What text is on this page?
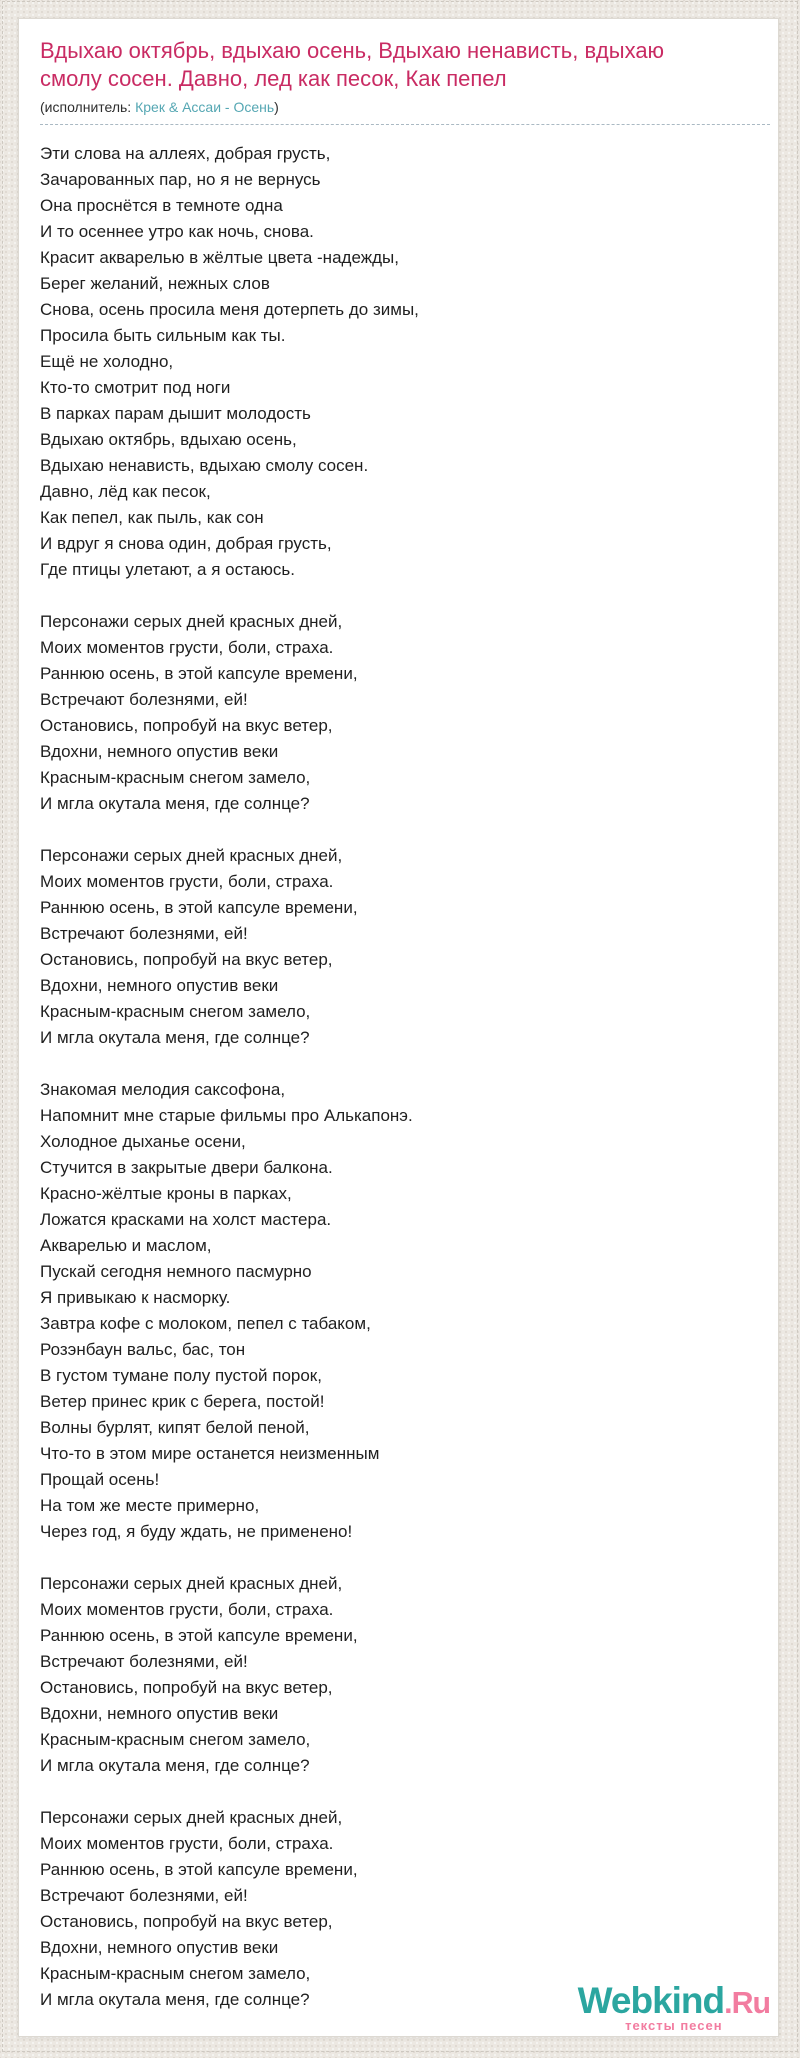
Вдыхаю октябрь, вдыхаю осень, Вдыхаю ненависть, вдыхаю
смолу сосен. Давно, лед как песок, Как пепел
(исполнитель: Крек & Ассаи - Осень)
Эти слова на аллеях, добрая грусть,
Зачарованных пар, но я не вернусь
Она проснётся в темноте одна
И то осеннее утро как ночь, снова.
Красит акварелью в жёлтые цвета -надежды,
Берег желаний, нежных слов
Снова, осень просила меня дотерпеть до зимы,
Просила быть сильным как ты.
Ещё не холодно,
Кто-то смотрит под ноги
В парках парам дышит молодость
Вдыхаю октябрь, вдыхаю осень,
Вдыхаю ненависть, вдыхаю смолу сосен.
Давно, лёд как песок,
Как пепел, как пыль, как сон
И вдруг я снова один, добрая грусть,
Где птицы улетают, а я остаюсь.
Персонажи серых дней красных дней,
Моих моментов грусти, боли, страха.
Раннюю осень, в этой капсуле времени,
Встречают болезнями, ей!
Остановись, попробуй на вкус ветер,
Вдохни, немного опустив веки
Красным-красным снегом замело,
И мгла окутала меня, где солнце?
Персонажи серых дней красных дней,
Моих моментов грусти, боли, страха.
Раннюю осень, в этой капсуле времени,
Встречают болезнями, ей!
Остановись, попробуй на вкус ветер,
Вдохни, немного опустив веки
Красным-красным снегом замело,
И мгла окутала меня, где солнце?
Знакомая мелодия саксофона,
Напомнит мне старые фильмы про Алькапонэ.
Холодное дыханье осени,
Стучится в закрытые двери балкона.
Красно-жёлтые кроны в парках,
Ложатся красками на холст мастера.
Акварелью и маслом,
Пускай сегодня немного пасмурно
Я привыкаю к насморку.
Завтра кофе с молоком, пепел с табаком,
Розэнбаун вальс, бас, тон
В густом тумане полу пустой порок,
Ветер принес крик с берега, постой!
Волны бурлят, кипят белой пеной,
Что-то в этом мире останется неизменным
Прощай осень!
На том же месте примерно,
Через год, я буду ждать, не применено!
Персонажи серых дней красных дней,
Моих моментов грусти, боли, страха.
Раннюю осень, в этой капсуле времени,
Встречают болезнями, ей!
Остановись, попробуй на вкус ветер,
Вдохни, немного опустив веки
Красным-красным снегом замело,
И мгла окутала меня, где солнце?
Персонажи серых дней красных дней,
Моих моментов грусти, боли, страха.
Раннюю осень, в этой капсуле времени,
Встречают болезнями, ей!
Остановись, попробуй на вкус ветер,
Вдохни, немного опустив веки
Красным-красным снегом замело,
И мгла окутала меня, где солнце?	Webkind.Ru
тексты песен
